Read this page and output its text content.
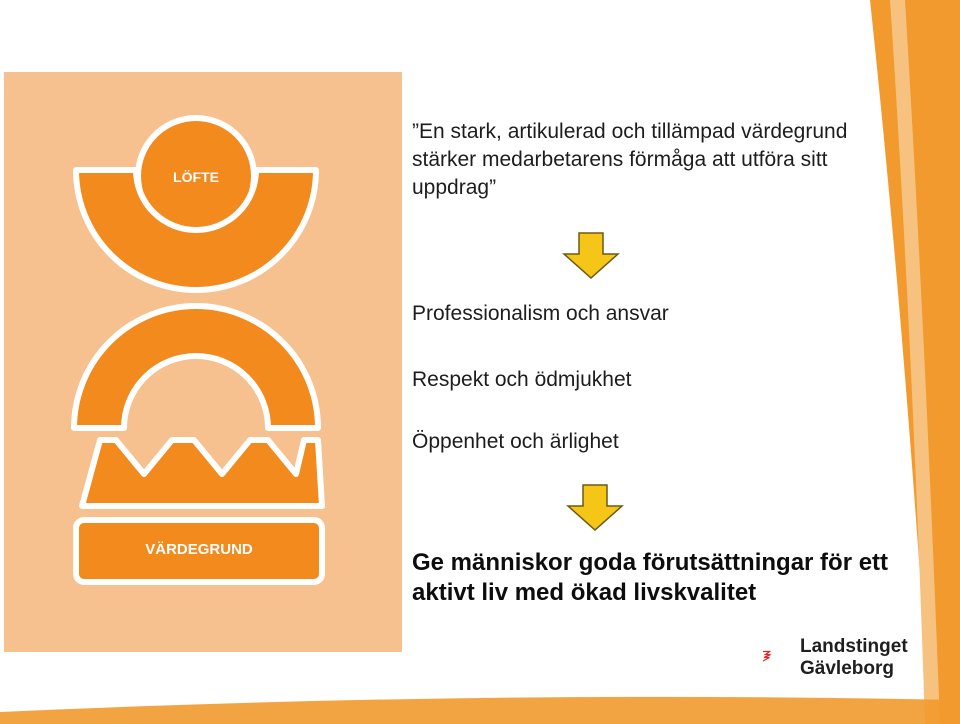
LÖFTE
VÄRDEGRUND
”En stark, artikulerad och tillämpad värdegrund stärker medarbetarens förmåga att utföra sitt uppdrag”
Professionalism och ansvar
Respekt och ödmjukhet
Öppenhet och ärlighet
Ge människor goda förutsättningar för ett aktivt liv med ökad livskvalitet
Landstinget
Gävleborg
